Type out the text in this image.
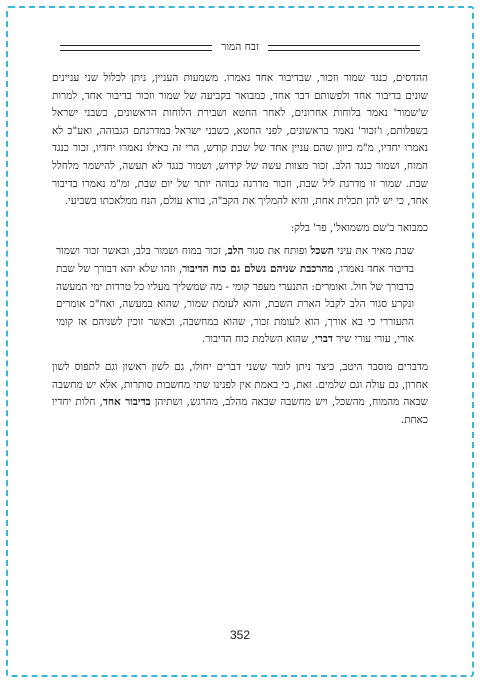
זבח המור

ההדסים, כנגד שמור וזכור, שבדיבור אחד נאמרו. משמעות העניין, ניתן לכלול שני עניינים שונים בדיבור אחד ולפשותם דבר אחד, כמבואר בקביעה של שמור וזכור בדיבור אחד, למרות ש'שמור' נאמר בלוחות אחרונים, לאחר החטא ושבירת הלוחות הראשונים, כשבני ישראל בשפלותם, ו'זכור' נאמר בראשונים, לפני החטא, כשבני ישראל במדרגתם הגבוהה, ואע"כ לא נאמרו יחדיו, מ"מ כיוון שהם עניין אחד של שבת קודש, הרי זה כאילו נאמרו יחדיו, זכור כנגד המוח, ושמור כנגד הלב. זכור מצוות עשה של קידוש, ושמור כנגד לא תעשה, להישמר מלחלל שבת. שמור זו מדרגת ליל שבת, וזכור מדרגה גבוהה יותר של יום שבת, ומ"מ נאמרו בדיבור אחד, כי יש להן תכלית אחת, והיא להמליך את הקב"ה, בורא עולם, הנח ממלאכתו בשביעי.

כמבואר ב'שם משמואל', פר' בלק:

שבת מאיר את עיני השכל ופותח את סגור הלב, זכור במוח ושמור בלב, וכאשר זכור ושמור בדיבור אחד נאמרו, מהרכבת שניהם נשלם גם כוח הדיבור, וזהו שלא יהא דבורך של שבת כדבורך של חול. ואומרים: התנערי מעפר קומי - מה שמשליך מעליו כל טרדות ימי המעשה ונקרע סגור הלב לקבל הארת השבת, והוא לעומת שמור, שהוא במעשה, ואח"כ אומרים התעוררי כי בא אורך, הוא לעומת זכור, שהוא במחשבה, וכאשר זוכין לשניהם אז קומי אורי, עורי עורי שיר דברי, שהוא השלמת כוח הדיבור.

מדברים מוסבר היטב, כיצד ניתן לומר ששני דברים יחולו, גם לשון ראשון וגם לתפוס לשון אחרון, גם עולה וגם שלמים. זאת, כי באמת אין לפנינו שתי מחשבות סותרות, אלא יש מחשבה שבאה מהמוח, מהשכל, ויש מחשבה שבאה מהלב, מהרגש, ושתיהן בדיבור אחד, חלות יחדיו כאחת.

352
